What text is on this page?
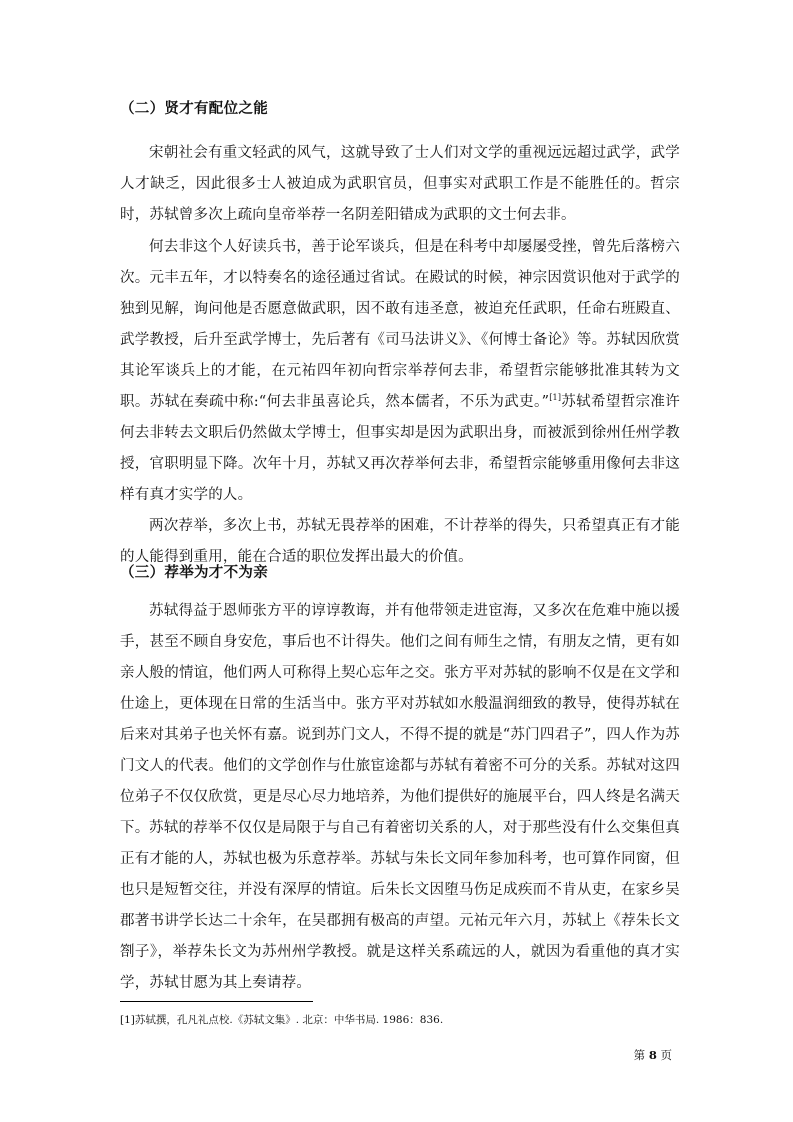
（二）贤才有配位之能

宋朝社会有重文轻武的风气，这就导致了士人们对文学的重视远远超过武学，武学人才缺乏，因此很多士人被迫成为武职官员，但事实对武职工作是不能胜任的。哲宗时，苏轼曾多次上疏向皇帝举荐一名阴差阳错成为武职的文士何去非。

何去非这个人好读兵书，善于论军谈兵，但是在科考中却屡屡受挫，曾先后落榜六次。元丰五年，才以特奏名的途径通过省试。在殿试的时候，神宗因赏识他对于武学的独到见解，询问他是否愿意做武职，因不敢有违圣意，被迫充任武职，任命右班殿直、武学教授，后升至武学博士，先后著有《司马法讲义》、《何博士备论》等。苏轼因欣赏其论军谈兵上的才能，在元祐四年初向哲宗举荐何去非，希望哲宗能够批准其转为文职。苏轼在奏疏中称:“何去非虽喜论兵，然本儒者，不乐为武吏。”[1]苏轼希望哲宗准许何去非转去文职后仍然做太学博士，但事实却是因为武职出身，而被派到徐州任州学教授，官职明显下降。次年十月，苏轼又再次荐举何去非，希望哲宗能够重用像何去非这样有真才实学的人。

两次荐举，多次上书，苏轼无畏荐举的困难，不计荐举的得失，只希望真正有才能的人能得到重用，能在合适的职位发挥出最大的价值。

（三）荐举为才不为亲

苏轼得益于恩师张方平的谆谆教诲，并有他带领走进宦海，又多次在危难中施以援手，甚至不顾自身安危，事后也不计得失。他们之间有师生之情，有朋友之情，更有如亲人般的情谊，他们两人可称得上契心忘年之交。张方平对苏轼的影响不仅是在文学和仕途上，更体现在日常的生活当中。张方平对苏轼如水般温润细致的教导，使得苏轼在后来对其弟子也关怀有嘉。说到苏门文人，不得不提的就是“苏门四君子”，四人作为苏门文人的代表。他们的文学创作与仕旅宦途都与苏轼有着密不可分的关系。苏轼对这四位弟子不仅仅欣赏，更是尽心尽力地培养，为他们提供好的施展平台，四人终是名满天下。 苏轼的荐举不仅仅是局限于与自己有着密切关系的人，对于那些没有什么交集但真正有才能的人，苏轼也极为乐意荐举。苏轼与朱长文同年参加科考，也可算作同窗，但也只是短暂交往，并没有深厚的情谊。后朱长文因堕马伤足成疾而不肯从吏，在家乡吴郡著书讲学长达二十余年，在吴郡拥有极高的声望。元祐元年六月，苏轼上《荐朱长文劄子》，举荐朱长文为苏州州学教授。就是这样关系疏远的人，就因为看重他的真才实学，苏轼甘愿为其上奏请荐。

[1]苏轼撰，孔凡礼点校.《苏轼文集》. 北京：中华书局. 1986：836.
第 8 页
